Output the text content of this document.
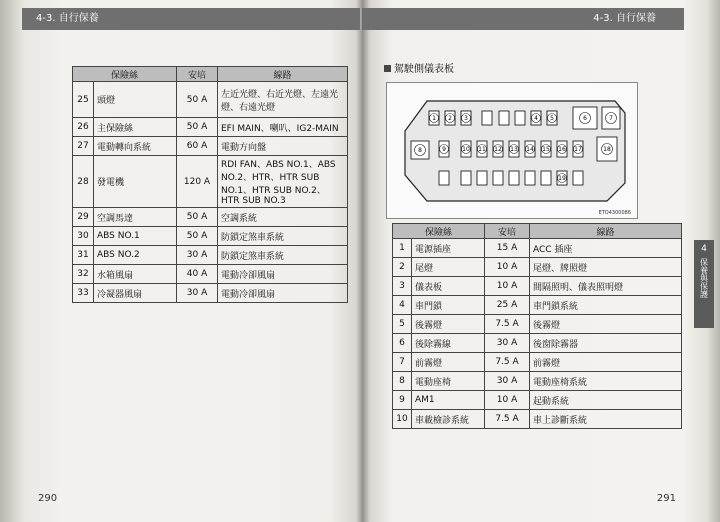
4-3. 自行保養
保險絲		安培	線路
25	頭燈	50 A	左近光燈、右近光燈、左遠光燈、右遠光燈
26	主保險絲	50 A	EFI MAIN、喇叭、IG2-MAIN
27	電動轉向系統	60 A	電動方向盤
28	發電機	120 A	RDI FAN、ABS NO.1、ABS NO.2、HTR、HTR SUB NO.1、HTR SUB NO.2、HTR SUB NO.3
29	空調馬達	50 A	空調系統
30	ABS NO.1	50 A	防鎖定煞車系統
31	ABS NO.2	30 A	防鎖定煞車系統
32	水箱風扇	40 A	電動冷卻風扇
33	冷凝器風扇	30 A	電動冷卻風扇
290
4-3. 自行保養
駕駛側儀表板
1 2 3	4 5	6	7
8	9	10 11 12 13 14 15 16 17	18
19
ETO4300086
保險絲		安培	線路
1	電源插座	15 A	ACC 插座
2	尾燈	10 A	尾燈、牌照燈
3	儀表板	10 A	間隔照明、儀表照明燈
4	車門鎖	25 A	車門鎖系統
5	後霧燈	7.5 A	後霧燈
6	後除霧線	30 A	後窗除霧器
7	前霧燈	7.5 A	前霧燈
8	電動座椅	30 A	電動座椅系統
9	AM1	10 A	起動系統
10	車載檢診系統	7.5 A	車上診斷系統
4
保養與保護
291
